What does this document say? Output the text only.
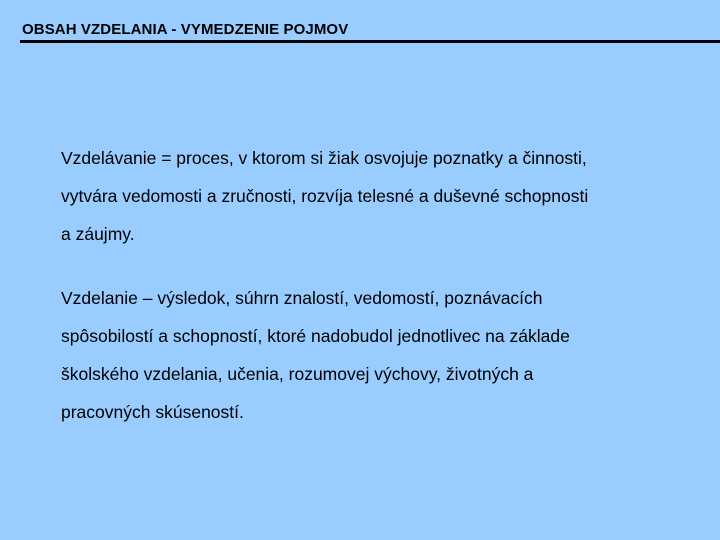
OBSAH VZDELANIA - VYMEDZENIE POJMOV
Vzdelávanie = proces, v ktorom si žiak osvojuje poznatky a činnosti,
vytvára vedomosti a zručnosti, rozvíja telesné a duševné schopnosti
a záujmy.
Vzdelanie – výsledok, súhrn znalostí, vedomostí, poznávacích
spôsobilostí a schopností, ktoré nadobudol jednotlivec na základe
školského vzdelania, učenia, rozumovej výchovy, životných a
pracovných skúseností.
